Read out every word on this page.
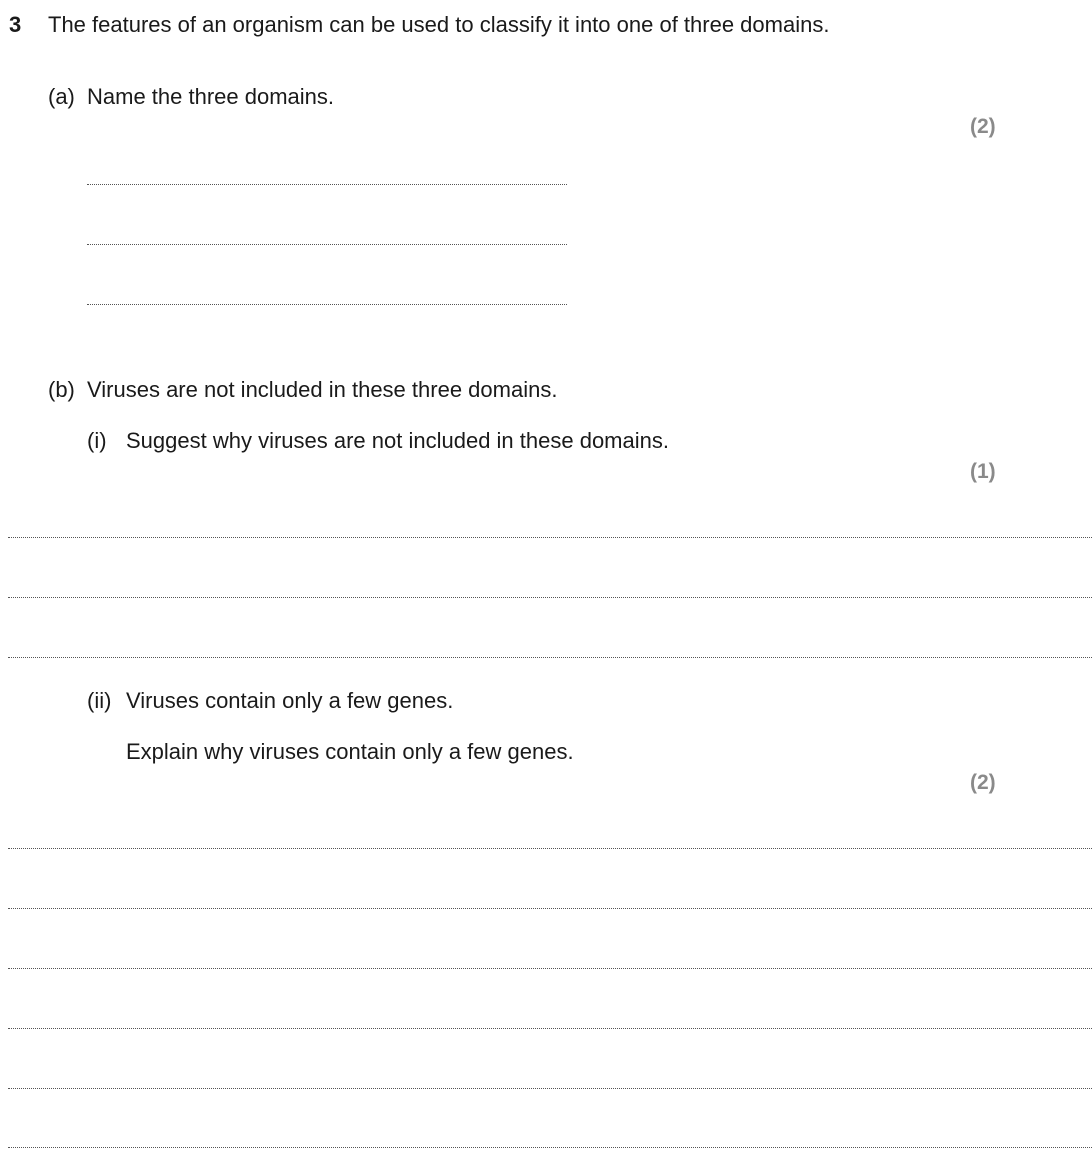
3 The features of an organism can be used to classify it into one of three domains.
(a) Name the three domains.
(2)
(b) Viruses are not included in these three domains.
(i) Suggest why viruses are not included in these domains.
(1)
(ii) Viruses contain only a few genes.
Explain why viruses contain only a few genes.
(2)
